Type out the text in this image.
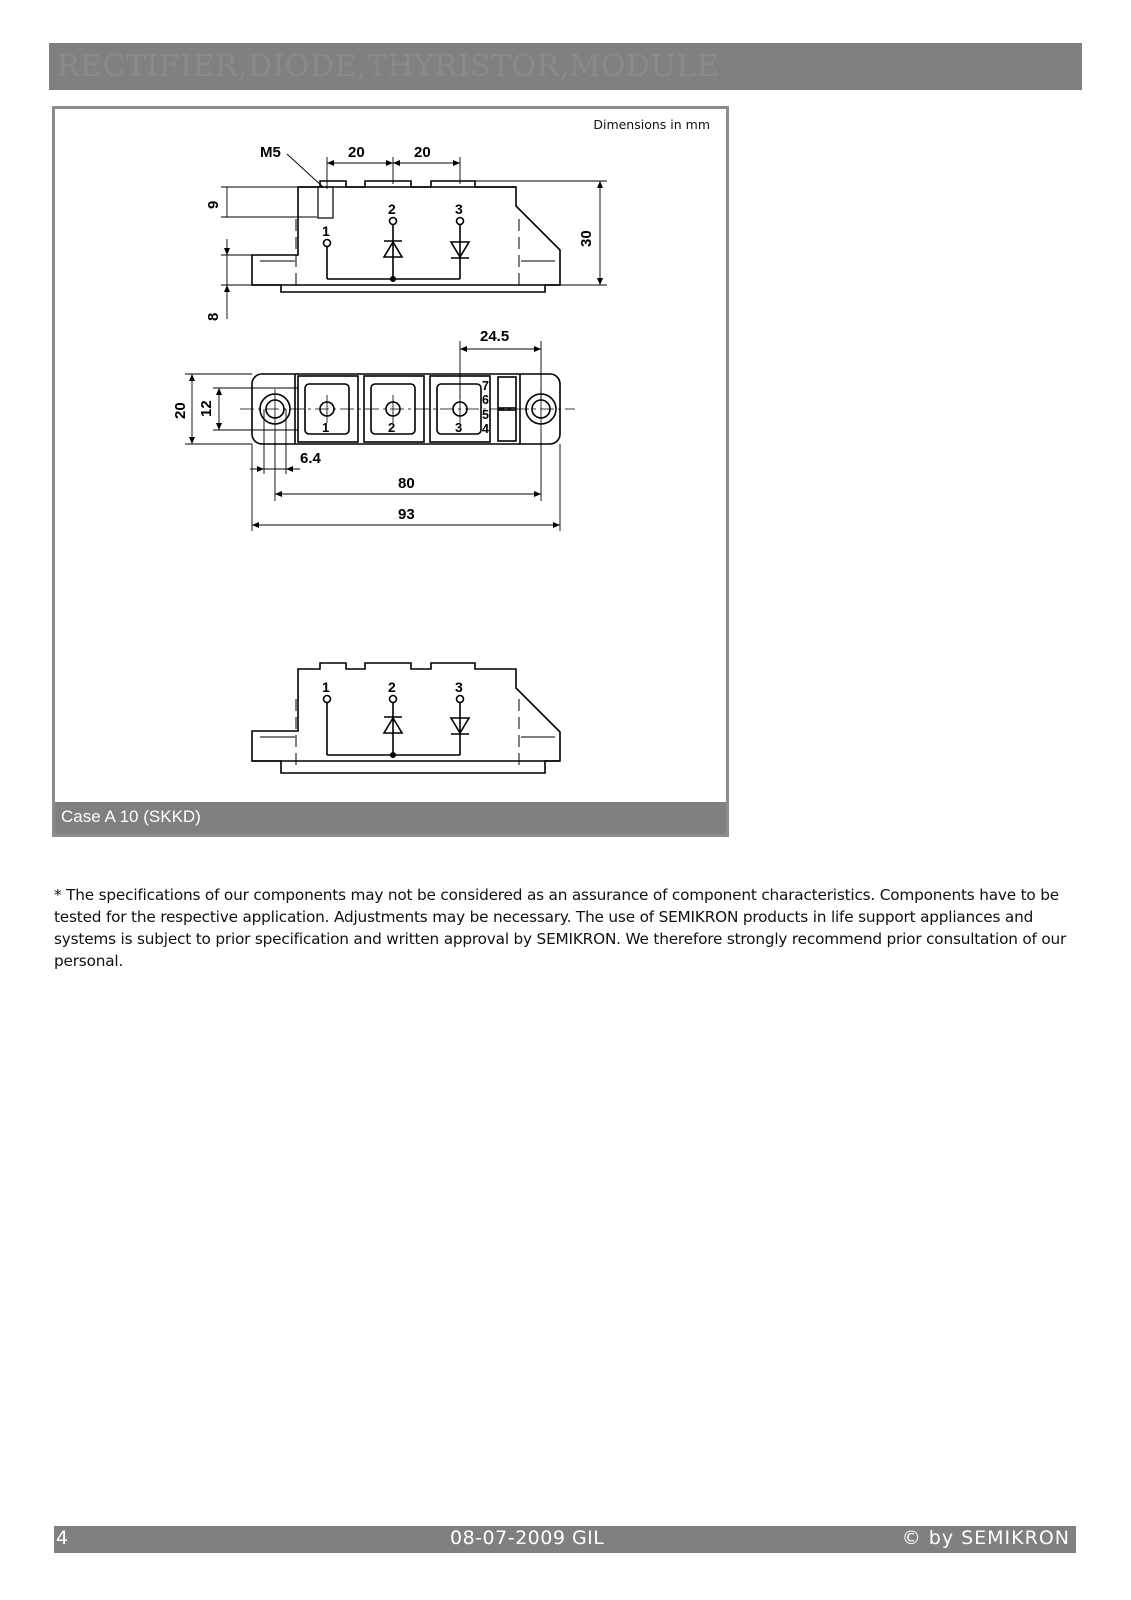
RECTIFIER,DIODE,THYRISTOR,MODULE
M5	20	20
9
8
30
1
2	3
24.5
20 12
6.4
80
93
1	2	3
7
6
5
4
1	2	3
Dimensions in mm
Case A 10 (SKKD)

* The specifications of our components may not be considered as an assurance of component characteristics. Components have to be tested for the respective application. Adjustments may be necessary. The use of SEMIKRON products in life support appliances and systems is subject to prior specification and written approval by SEMIKRON. We therefore strongly recommend prior consultation of our personal.

4	08-07-2009 GIL	© by SEMIKRON
